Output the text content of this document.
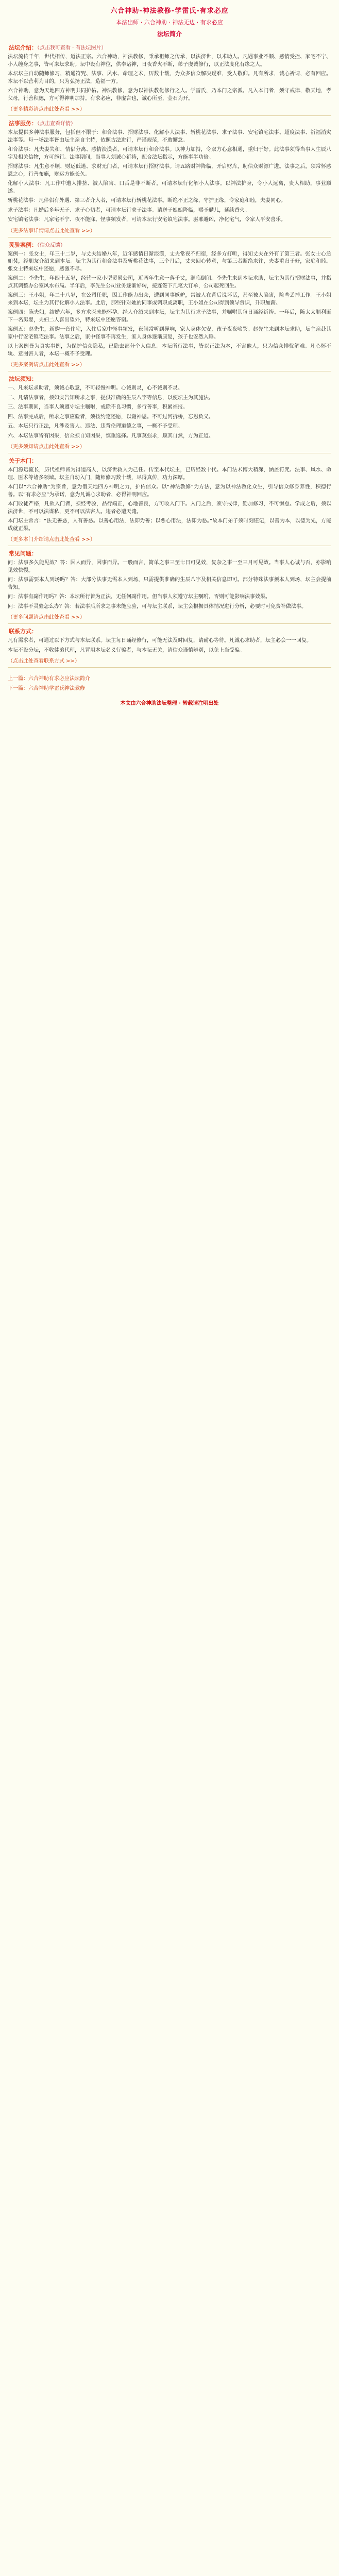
六合神助-神法教修-学雷氏-有求必应
本法出师 · 六合神助 · 神法无边 · 有求必应
法坛简介
法坛介绍：（点击我可查看 · 有法坛图片）

法坛流传千年，世代相传，道法正宗。六合神助，神法教修，秉承祖师之传承，以法济世，以术助人。凡遇事业不顺、感情受挫、家宅不宁、小人缠身之事，皆可来坛求助。坛中设有神位，供奉诸神，日夜香火不断，弟子虔诚修行，以正法度化有缘之人。

本坛坛主自幼随师修习，精通符咒、法事、风水、命理之术，历数十载，为众多信众解决疑难，受人敬仰。凡有所求，诚心祈请，必有回应。本坛不以营利为目的，只为弘扬正法，造福一方。

六合神助，意为天地四方神明共同护佑。神法教修，意为以神法教化修行之人。学雷氏，乃本门之宗派。凡入本门者，须守戒律，敬天地，孝父母，行善积德，方可得神明加持。有求必应，非虚言也，诚心所至，金石为开。

（更多精彩请点击此处查看 >>）
法事服务：（点击查看详情）

本坛提供多种法事服务，包括但不限于：和合法事、招财法事、化解小人法事、斩桃花法事、求子法事、安宅镇宅法事、超度法事、祈福消灾法事等。每一场法事皆由坛主亲自主持，依照古法进行，严谨规范，不敢懈怠。

和合法事：凡夫妻失和、情侣分离、感情淡漠者，可请本坛行和合法事。以神力加持，令双方心意相通，重归于好。此法事须得当事人生辰八字及相关信物，方可施行。法事期间，当事人须诚心祈祷，配合法坛指示，方能事半功倍。

招财法事：凡生意不顺、财运低迷、求财无门者，可请本坛行招财法事。请五路财神降临，开启财库，助信众财源广进。法事之后，须常怀感恩之心，行善布施，财运方能长久。

化解小人法事：凡工作中遭人排挤、被人陷害、口舌是非不断者，可请本坛行化解小人法事。以神法护身，令小人远离，贵人相助，事业顺遂。

斩桃花法事：凡伴侣有外遇、第三者介入者，可请本坛行斩桃花法事。断绝不正之缘，守护正缘，令家庭和睦，夫妻同心。

求子法事：凡婚后多年无子、求子心切者，可请本坛行求子法事。请送子娘娘降临，赐予麟儿，延续香火。

安宅镇宅法事：凡家宅不宁、夜不能寐、怪事频发者，可请本坛行安宅镇宅法事。驱邪避凶，净化宅气，令家人平安喜乐。

（更多法事详情请点击此处查看 >>）
灵验案例：（信众反馈）

案例一：张女士，年三十二岁，与丈夫结婚八年，近年感情日渐淡漠，丈夫常夜不归宿，经多方打听，得知丈夫在外有了第三者。张女士心急如焚，经朋友介绍来到本坛。坛主为其行和合法事及斩桃花法事，三个月后，丈夫回心转意，与第三者断绝来往，夫妻重归于好，家庭和睦。张女士特来坛中还愿，感激不尽。

案例二：李先生，年四十五岁，经营一家小型贸易公司，近两年生意一落千丈，濒临倒闭。李先生来到本坛求助，坛主为其行招财法事，并指点其调整办公室风水布局。半年后，李先生公司业务逐渐好转，接连签下几笔大订单，公司起死回生。

案例三：王小姐，年二十八岁，在公司任职，因工作能力出众，遭到同事嫉妒，常被人在背后说坏话，甚至被人陷害，险些丢掉工作。王小姐来到本坛，坛主为其行化解小人法事。此后，那些针对她的同事或调职或离职，王小姐在公司得到领导赏识，升职加薪。

案例四：陈夫妇，结婚六年，多方求医未能怀孕。经人介绍来到本坛，坛主为其行求子法事，并嘱咐其每日诵经祈祷。一年后，陈太太顺利诞下一名男婴，夫妇二人喜出望外，特来坛中还愿答谢。

案例五：赵先生，新购一套住宅，入住后家中怪事频发，夜间常听到异响，家人身体欠安，孩子夜夜啼哭。赵先生来到本坛求助，坛主亲赴其家中行安宅镇宅法事。法事之后，家中怪事不再发生，家人身体逐渐康复，孩子也安然入睡。

以上案例皆为真实事例，为保护信众隐私，已隐去部分个人信息。本坛所行法事，皆以正法为本，不害他人，只为信众排忧解难。凡心怀不轨、意图害人者，本坛一概不予受理。

（更多案例请点击此处查看 >>）
法坛须知：

一、凡来坛求助者，须诚心敬意，不可轻慢神明。心诚则灵，心不诚则不灵。

二、凡请法事者，须如实告知所求之事，提供准确的生辰八字等信息，以便坛主为其施法。

三、法事期间，当事人须遵守坛主嘱咐，戒除不良习惯，多行善事，积累福报。

四、法事完成后，所求之事应验者，须按约定还愿，以谢神恩。不可过河拆桥，忘恩负义。

五、本坛只行正法，凡涉及害人、违法、违背伦理道德之事，一概不予受理。

六、本坛法事皆有因果，信众须自知因果，慎重选择。凡事莫强求，顺其自然，方为正道。

（更多须知请点击此处查看 >>）
关于本门：

本门源远流长，历代祖师皆为得道高人，以济世救人为己任。传至本代坛主，已历经数十代。本门法术博大精深，涵盖符咒、法事、风水、命理、医术等诸多领域。坛主自幼入门，随师修习数十载，尽得真传，功力深厚。

本门以“六合神助”为宗旨，意为借天地四方神明之力，护佑信众。以“神法教修”为方法，意为以神法教化众生，引导信众修身养性，积德行善。以“有求必应”为承诺，意为凡诚心求助者，必得神明回应。

本门收徒严格，凡欲入门者，须经考验，品行端正，心地善良，方可收入门下。入门之后，须守戒律，勤加修习，不可懈怠。学成之后，须以法济世，不可以法谋私，更不可以法害人。违者必遭天谴。

本门坛主常言：“法无善恶，人有善恶。以善心用法，法即为善；以恶心用法，法即为恶。”故本门弟子须时刻谨记，以善为本，以德为先，方能成就正果。

（更多本门介绍请点击此处查看 >>）
常见问题：

问：法事多久能见效？答：因人而异，因事而异。一般而言，简单之事三至七日可见效，复杂之事一至三月可见效。当事人心诚与否，亦影响见效快慢。

问：法事需要本人到场吗？答：大部分法事无需本人到场，只需提供准确的生辰八字及相关信息即可。部分特殊法事须本人到场，坛主会提前告知。

问：法事有副作用吗？答：本坛所行皆为正法，无任何副作用。但当事人须遵守坛主嘱咐，否则可能影响法事效果。

问：法事不灵验怎么办？答：若法事后所求之事未能应验，可与坛主联系，坛主会根据具体情况进行分析，必要时可免费补做法事。

（更多问题请点击此处查看 >>）
联系方式：

凡有需求者，可通过以下方式与本坛联系。坛主每日诵经修行，可能无法及时回复，请耐心等待。凡诚心求助者，坛主必会一一回复。

本坛不设分坛，不收徒弟代理，凡冒用本坛名义行骗者，与本坛无关，请信众谨慎辨别，以免上当受骗。

（点击此处查看联系方式 >>）
上一篇：六合神助有求必应法坛简介
下一篇：六合神助学雷氏神法教修
本文由六合神助法坛整理 · 转载请注明出处
